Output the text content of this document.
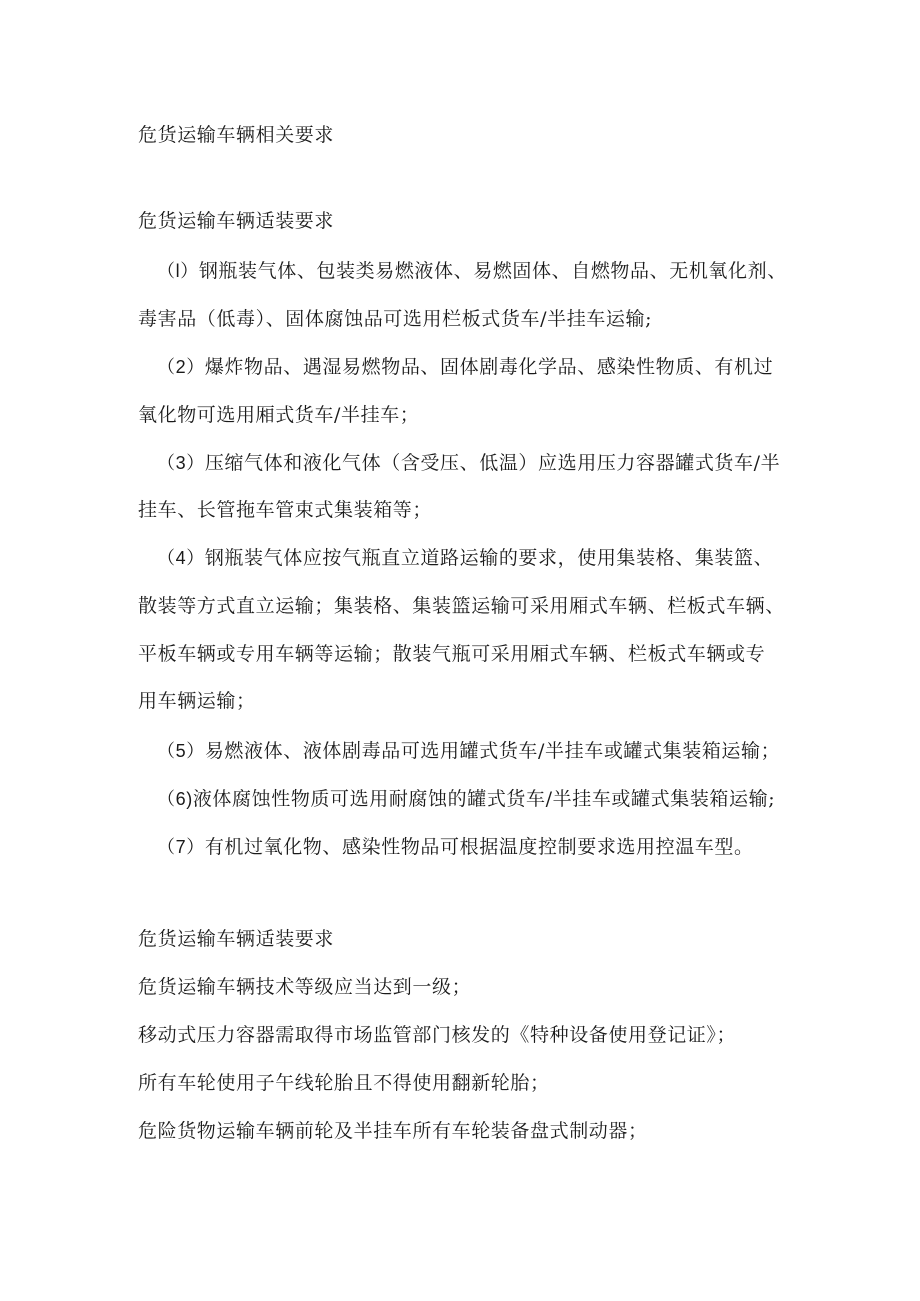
危货运输车辆相关要求
危货运输车辆适装要求
（l）钢瓶装气体、包装类易燃液体、易燃固体、自燃物品、无机氧化剂、
毒害品（低毒）、固体腐蚀品可选用栏板式货车/半挂车运输;
（2）爆炸物品、遇湿易燃物品、固体剧毒化学品、感染性物质、有机过
氧化物可选用厢式货车/半挂车；
（3）压缩气体和液化气体（含受压、低温）应选用压力容器罐式货车/半
挂车、长管拖车管束式集装箱等；
（4）钢瓶装气体应按气瓶直立道路运输的要求，使用集装格、集装篮、
散装等方式直立运输；集装格、集装篮运输可采用厢式车辆、栏板式车辆、
平板车辆或专用车辆等运输；散装气瓶可采用厢式车辆、栏板式车辆或专
用车辆运输；
（5）易燃液体、液体剧毒品可选用罐式货车/半挂车或罐式集装箱运输；
（6)液体腐蚀性物质可选用耐腐蚀的罐式货车/半挂车或罐式集装箱运输;
（7）有机过氧化物、感染性物品可根据温度控制要求选用控温车型。
危货运输车辆适装要求
危货运输车辆技术等级应当达到一级；
移动式压力容器需取得市场监管部门核发的《特种设备使用登记证》；
所有车轮使用子午线轮胎且不得使用翻新轮胎；
危险货物运输车辆前轮及半挂车所有车轮装备盘式制动器；
